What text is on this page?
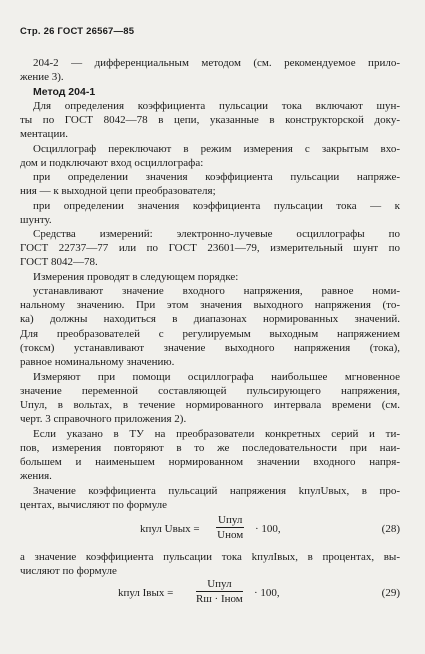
Стр. 26 ГОСТ 26567—85
204-2 — дифференциальным методом (см. рекомендуемое прило-
жение 3).
Метод 204-1
Для определения коэффициента пульсации тока включают шун-
ты по ГОСТ 8042—78 в цепи, указанные в конструкторской доку-
ментации.
Осциллограф переключают в режим измерения с закрытым вхо-
дом и подключают вход осциллографа:
при определении значения коэффициента пульсации напряже-
ния — к выходной цепи преобразователя;
при определении значения коэффициента пульсации тока — к
шунту.
Средства измерений: электронно-лучевые осциллографы по
ГОСТ 22737—77 или по ГОСТ 23601—79, измерительный шунт по
ГОСТ 8042—78.
Измерения проводят в следующем порядке:
устанавливают значение входного напряжения, равное номи-
нальному значению. При этом значения выходного напряжения (то-
ка) должны находиться в диапазонах нормированных значений.
Для преобразователей с регулируемым выходным напряжением
(токсм) устанавливают значение выходного напряжения (тока),
равное номинальному значению.
Измеряют при помощи осциллографа наибольшее мгновенное
значение переменной составляющей пульсирующего напряжения,
Uпул, в вольтах, в течение нормированного интервала времени (см.
черт. 3 справочного приложения 2).
Если указано в ТУ на преобразователи конкретных серий и ти-
пов, измерения повторяют в то же последовательности при наи-
большем и наименьшем нормированном значении входного напря-
жения.
Значение коэффициента пульсаций напряжения kпулUвых, в про-
центах, вычисляют по формуле
kпул Uвых =
Uпул
Uном · 100,	(28)
а значение коэффициента пульсации тока kпулIвых, в процентах, вы-
числяют по формуле
kпул Iвых =
Uпул
Rш · Iном · 100,	(29)
